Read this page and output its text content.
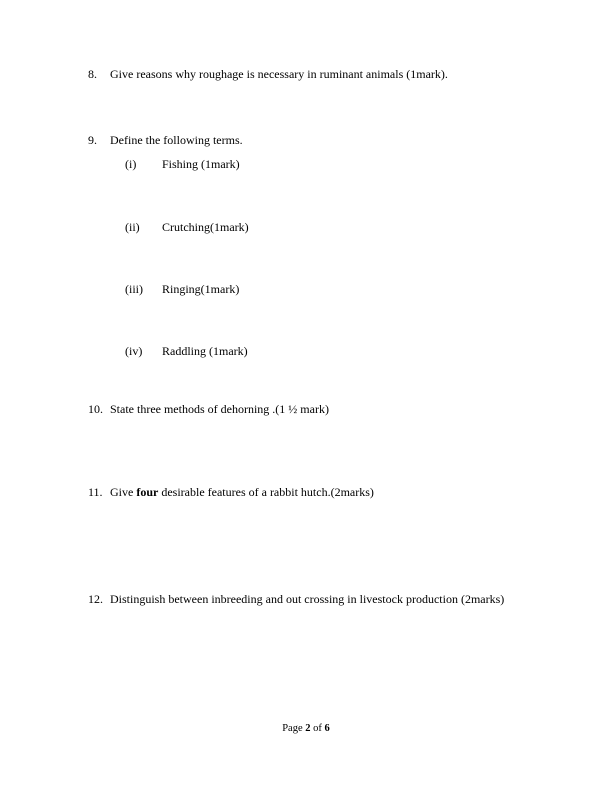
8. Give reasons why roughage is necessary in ruminant animals (1mark).
9. Define the following terms.
(i) Fishing (1mark)
(ii) Crutching(1mark)
(iii) Ringing(1mark)
(iv) Raddling (1mark)
10. State three methods of dehorning .(1 ½ mark)
11. Give four desirable features of a rabbit hutch.(2marks)
12. Distinguish between inbreeding and out crossing in livestock production (2marks)
Page 2 of 6
